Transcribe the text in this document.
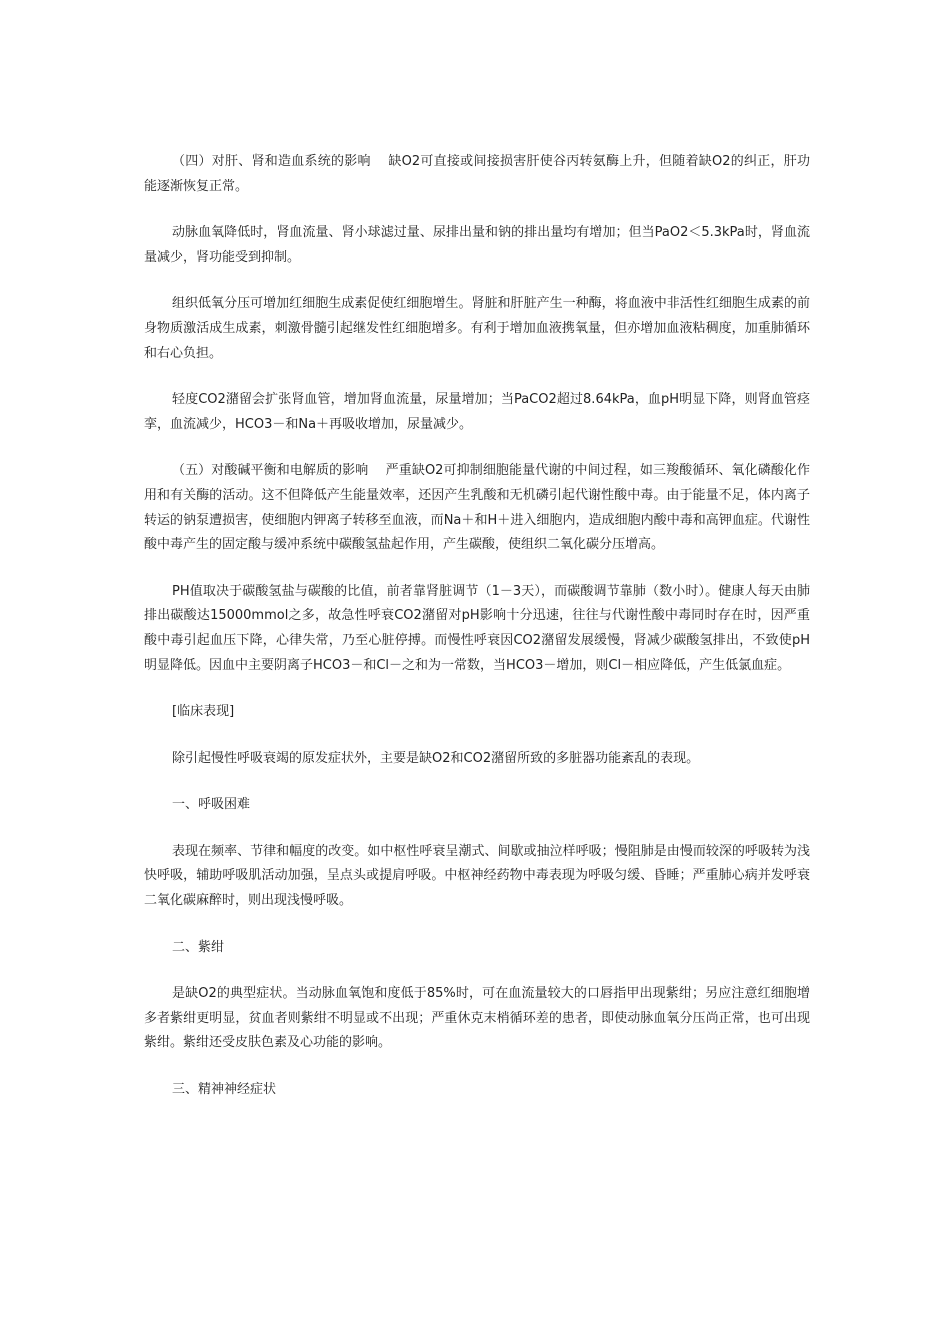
（四）对肝、肾和造血系统的影响　 缺O2可直接或间接损害肝使谷丙转氨酶上升，但随着缺O2的纠正，肝功能逐渐恢复正常。

动脉血氧降低时，肾血流量、肾小球滤过量、尿排出量和钠的排出量均有增加；但当PaO2＜5.3kPa时，肾血流量减少，肾功能受到抑制。

组织低氧分压可增加红细胞生成素促使红细胞增生。肾脏和肝脏产生一种酶，将血液中非活性红细胞生成素的前身物质激活成生成素，刺激骨髓引起继发性红细胞增多。有利于增加血液携氧量，但亦增加血液粘稠度，加重肺循环和右心负担。

轻度CO2潴留会扩张肾血管，增加肾血流量，尿量增加；当PaCO2超过8.64kPa，血pH明显下降，则肾血管痉挛，血流减少，HCO3－和Na＋再吸收增加，尿量减少。

（五）对酸碱平衡和电解质的影响　 严重缺O2可抑制细胞能量代谢的中间过程，如三羧酸循环、氧化磷酸化作用和有关酶的活动。这不但降低产生能量效率，还因产生乳酸和无机磷引起代谢性酸中毒。由于能量不足，体内离子转运的钠泵遭损害，使细胞内钾离子转移至血液，而Na＋和H＋进入细胞内，造成细胞内酸中毒和高钾血症。代谢性酸中毒产生的固定酸与缓冲系统中碳酸氢盐起作用，产生碳酸，使组织二氧化碳分压增高。

PH值取决于碳酸氢盐与碳酸的比值，前者靠肾脏调节（1－3天），而碳酸调节靠肺（数小时）。健康人每天由肺排出碳酸达15000mmol之多，故急性呼衰CO2潴留对pH影响十分迅速，往往与代谢性酸中毒同时存在时，因严重酸中毒引起血压下降，心律失常，乃至心脏停搏。而慢性呼衰因CO2潴留发展缓慢，肾减少碳酸氢排出，不致使pH明显降低。因血中主要阴离子HCO3－和Cl－之和为一常数，当HCO3－增加，则Cl－相应降低，产生低氯血症。

[临床表现]

除引起慢性呼吸衰竭的原发症状外，主要是缺O2和CO2潴留所致的多脏器功能紊乱的表现。

一、呼吸困难

表现在频率、节律和幅度的改变。如中枢性呼衰呈潮式、间歇或抽泣样呼吸；慢阻肺是由慢而较深的呼吸转为浅快呼吸，辅助呼吸肌活动加强，呈点头或提肩呼吸。中枢神经药物中毒表现为呼吸匀缓、昏睡；严重肺心病并发呼衰二氧化碳麻醉时，则出现浅慢呼吸。

二、紫绀

是缺O2的典型症状。当动脉血氧饱和度低于85%时，可在血流量较大的口唇指甲出现紫绀；另应注意红细胞增多者紫绀更明显，贫血者则紫绀不明显或不出现；严重休克末梢循环差的患者，即使动脉血氧分压尚正常，也可出现紫绀。紫绀还受皮肤色素及心功能的影响。

三、精神神经症状
